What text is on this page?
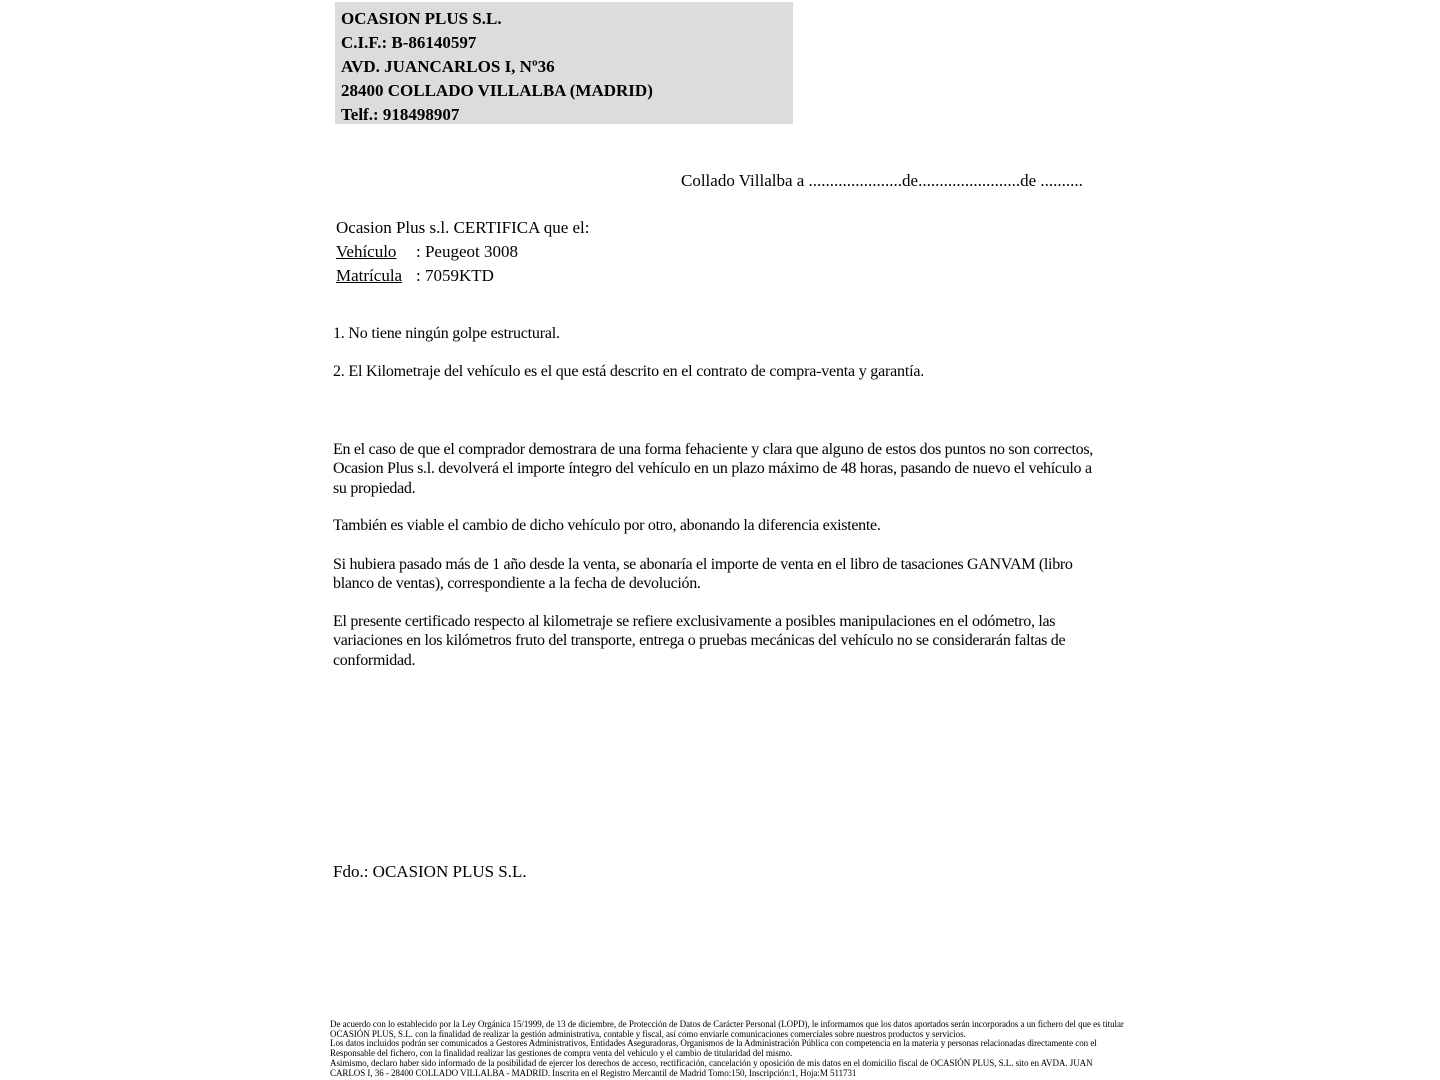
OCASION PLUS S.L.
C.I.F.: B-86140597
AVD. JUANCARLOS I, Nº36
28400 COLLADO VILLALBA (MADRID)
Telf.: 918498907
Collado Villalba a ......................de........................de ..........
Ocasion Plus s.l. CERTIFICA que el:
Vehículo	: Peugeot 3008
Matrícula : 7059KTD
1. No tiene ningún golpe estructural.
2. El Kilometraje del vehículo es el que está descrito en el contrato de compra-venta y garantía.
En el caso de que el comprador demostrara de una forma fehaciente y clara que alguno de estos dos puntos no son correctos, Ocasion Plus s.l. devolverá el importe íntegro del vehículo en un plazo máximo de 48 horas, pasando de nuevo el vehículo a su propiedad.
También es viable el cambio de dicho vehículo por otro, abonando la diferencia existente.
Si hubiera pasado más de 1 año desde la venta, se abonaría el importe de venta en el libro de tasaciones GANVAM (libro blanco de ventas), correspondiente a la fecha de devolución.
El presente certificado respecto al kilometraje se refiere exclusivamente a posibles manipulaciones en el odómetro, las variaciones en los kilómetros fruto del transporte, entrega o pruebas mecánicas del vehículo no se considerarán faltas de conformidad.
Fdo.: OCASION PLUS S.L.
De acuerdo con lo establecido por la Ley Orgánica 15/1999, de 13 de diciembre, de Protección de Datos de Carácter Personal (LOPD), le informamos que los datos aportados serán incorporados a un fichero del que es titular
OCASIÓN PLUS, S.L. con la finalidad de realizar la gestión administrativa, contable y fiscal, así como enviarle comunicaciones comerciales sobre nuestros productos y servicios.
Los datos incluidos podrán ser comunicados a Gestores Administrativos, Entidades Aseguradoras, Organismos de la Administración Pública con competencia en la materia y personas relacionadas directamente con el
Responsable del fichero, con la finalidad realizar las gestiones de compra venta del vehículo y el cambio de titularidad del mismo.
Asimismo, declaro haber sido informado de la posibilidad de ejercer los derechos de acceso, rectificación, cancelación y oposición de mis datos en el domicilio fiscal de OCASIÓN PLUS, S.L. sito en AVDA. JUAN
CARLOS I, 36 - 28400 COLLADO VILLALBA - MADRID. Inscrita en el Registro Mercantil de Madrid Tomo:150, Inscripción:1, Hoja:M 511731
